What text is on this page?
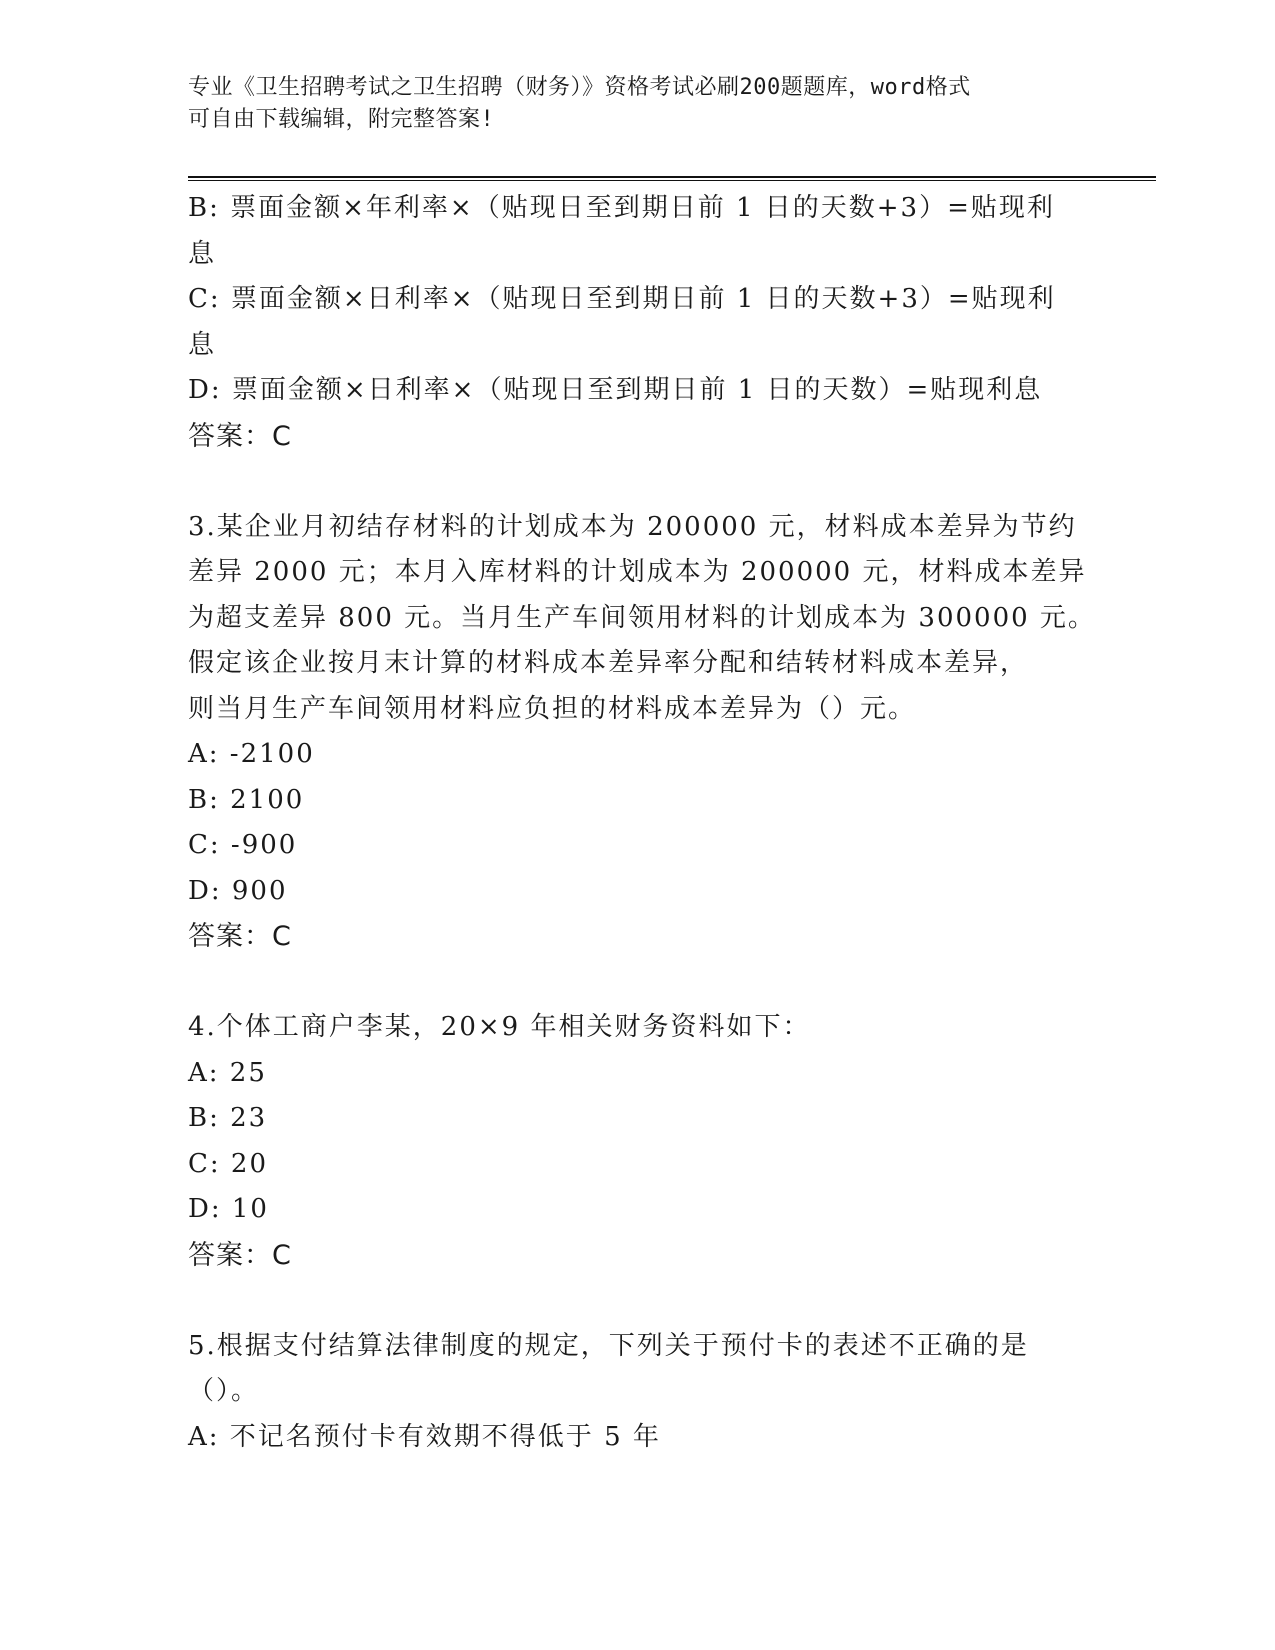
专业《卫生招聘考试之卫生招聘（财务）》资格考试必刷200题题库，word格式
可自由下载编辑，附完整答案!
B: 票面金额×年利率×（贴现日至到期日前 1 日的天数+3）=贴现利
息
C: 票面金额×日利率×（贴现日至到期日前 1 日的天数+3）=贴现利
息
D: 票面金额×日利率×（贴现日至到期日前 1 日的天数）=贴现利息
答案：C
3.某企业月初结存材料的计划成本为 200000 元，材料成本差异为节约
差异 2000 元；本月入库材料的计划成本为 200000 元，材料成本差异
为超支差异 800 元。当月生产车间领用材料的计划成本为 300000 元。
假定该企业按月末计算的材料成本差异率分配和结转材料成本差异，
则当月生产车间领用材料应负担的材料成本差异为（）元。
A: -2100
B: 2100
C: -900
D: 900
答案：C
4.个体工商户李某，20×9 年相关财务资料如下：
A: 25
B: 23
C: 20
D: 10
答案：C
5.根据支付结算法律制度的规定，下列关于预付卡的表述不正确的是
（）。
A: 不记名预付卡有效期不得低于 5 年
